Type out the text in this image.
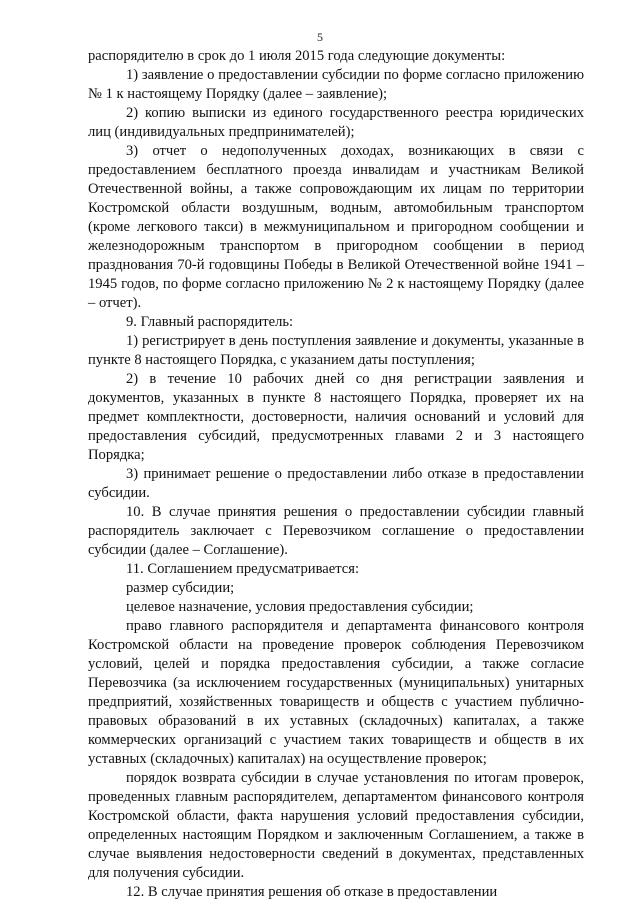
5

распорядителю в срок до 1 июля 2015 года следующие документы:

1) заявление о предоставлении субсидии по форме согласно приложению № 1 к настоящему Порядку (далее – заявление);

2) копию выписки из единого государственного реестра юридических лиц (индивидуальных предпринимателей);

3) отчет о недополученных доходах, возникающих в связи с предоставлением бесплатного проезда инвалидам и участникам Великой Отечественной войны, а также сопровождающим их лицам по территории Костромской области воздушным, водным, автомобильным транспортом (кроме легкового такси) в межмуниципальном и пригородном сообщении и железнодорожным транспортом в пригородном сообщении в период празднования 70-й годовщины Победы в Великой Отечественной войне 1941 – 1945 годов, по форме согласно приложению № 2 к настоящему Порядку (далее – отчет).

9. Главный распорядитель:

1) регистрирует в день поступления заявление и документы, указанные в пункте 8 настоящего Порядка, с указанием даты поступления;

2) в течение 10 рабочих дней со дня регистрации заявления и документов, указанных в пункте 8 настоящего Порядка, проверяет их на предмет комплектности, достоверности, наличия оснований и условий для предоставления субсидий, предусмотренных главами 2 и 3 настоящего Порядка;

3) принимает решение о предоставлении либо отказе в предоставлении субсидии.

10. В случае принятия решения о предоставлении субсидии главный распорядитель заключает с Перевозчиком соглашение о предоставлении субсидии (далее – Соглашение).

11. Соглашением предусматривается:

размер субсидии;

целевое назначение, условия предоставления субсидии;

право главного распорядителя и департамента финансового контроля Костромской области на проведение проверок соблюдения Перевозчиком условий, целей и порядка предоставления субсидии, а также согласие Перевозчика (за исключением государственных (муниципальных) унитарных предприятий, хозяйственных товариществ и обществ с участием публично-правовых образований в их уставных (складочных) капиталах, а также коммерческих организаций с участием таких товариществ и обществ в их уставных (складочных) капиталах) на осуществление проверок;

порядок возврата субсидии в случае установления по итогам проверок, проведенных главным распорядителем, департаментом финансового контроля Костромской области, факта нарушения условий предоставления субсидии, определенных настоящим Порядком и заключенным Соглашением, а также в случае выявления недостоверности сведений в документах, представленных для получения субсидии.

12. В случае принятия решения об отказе в предоставлении
